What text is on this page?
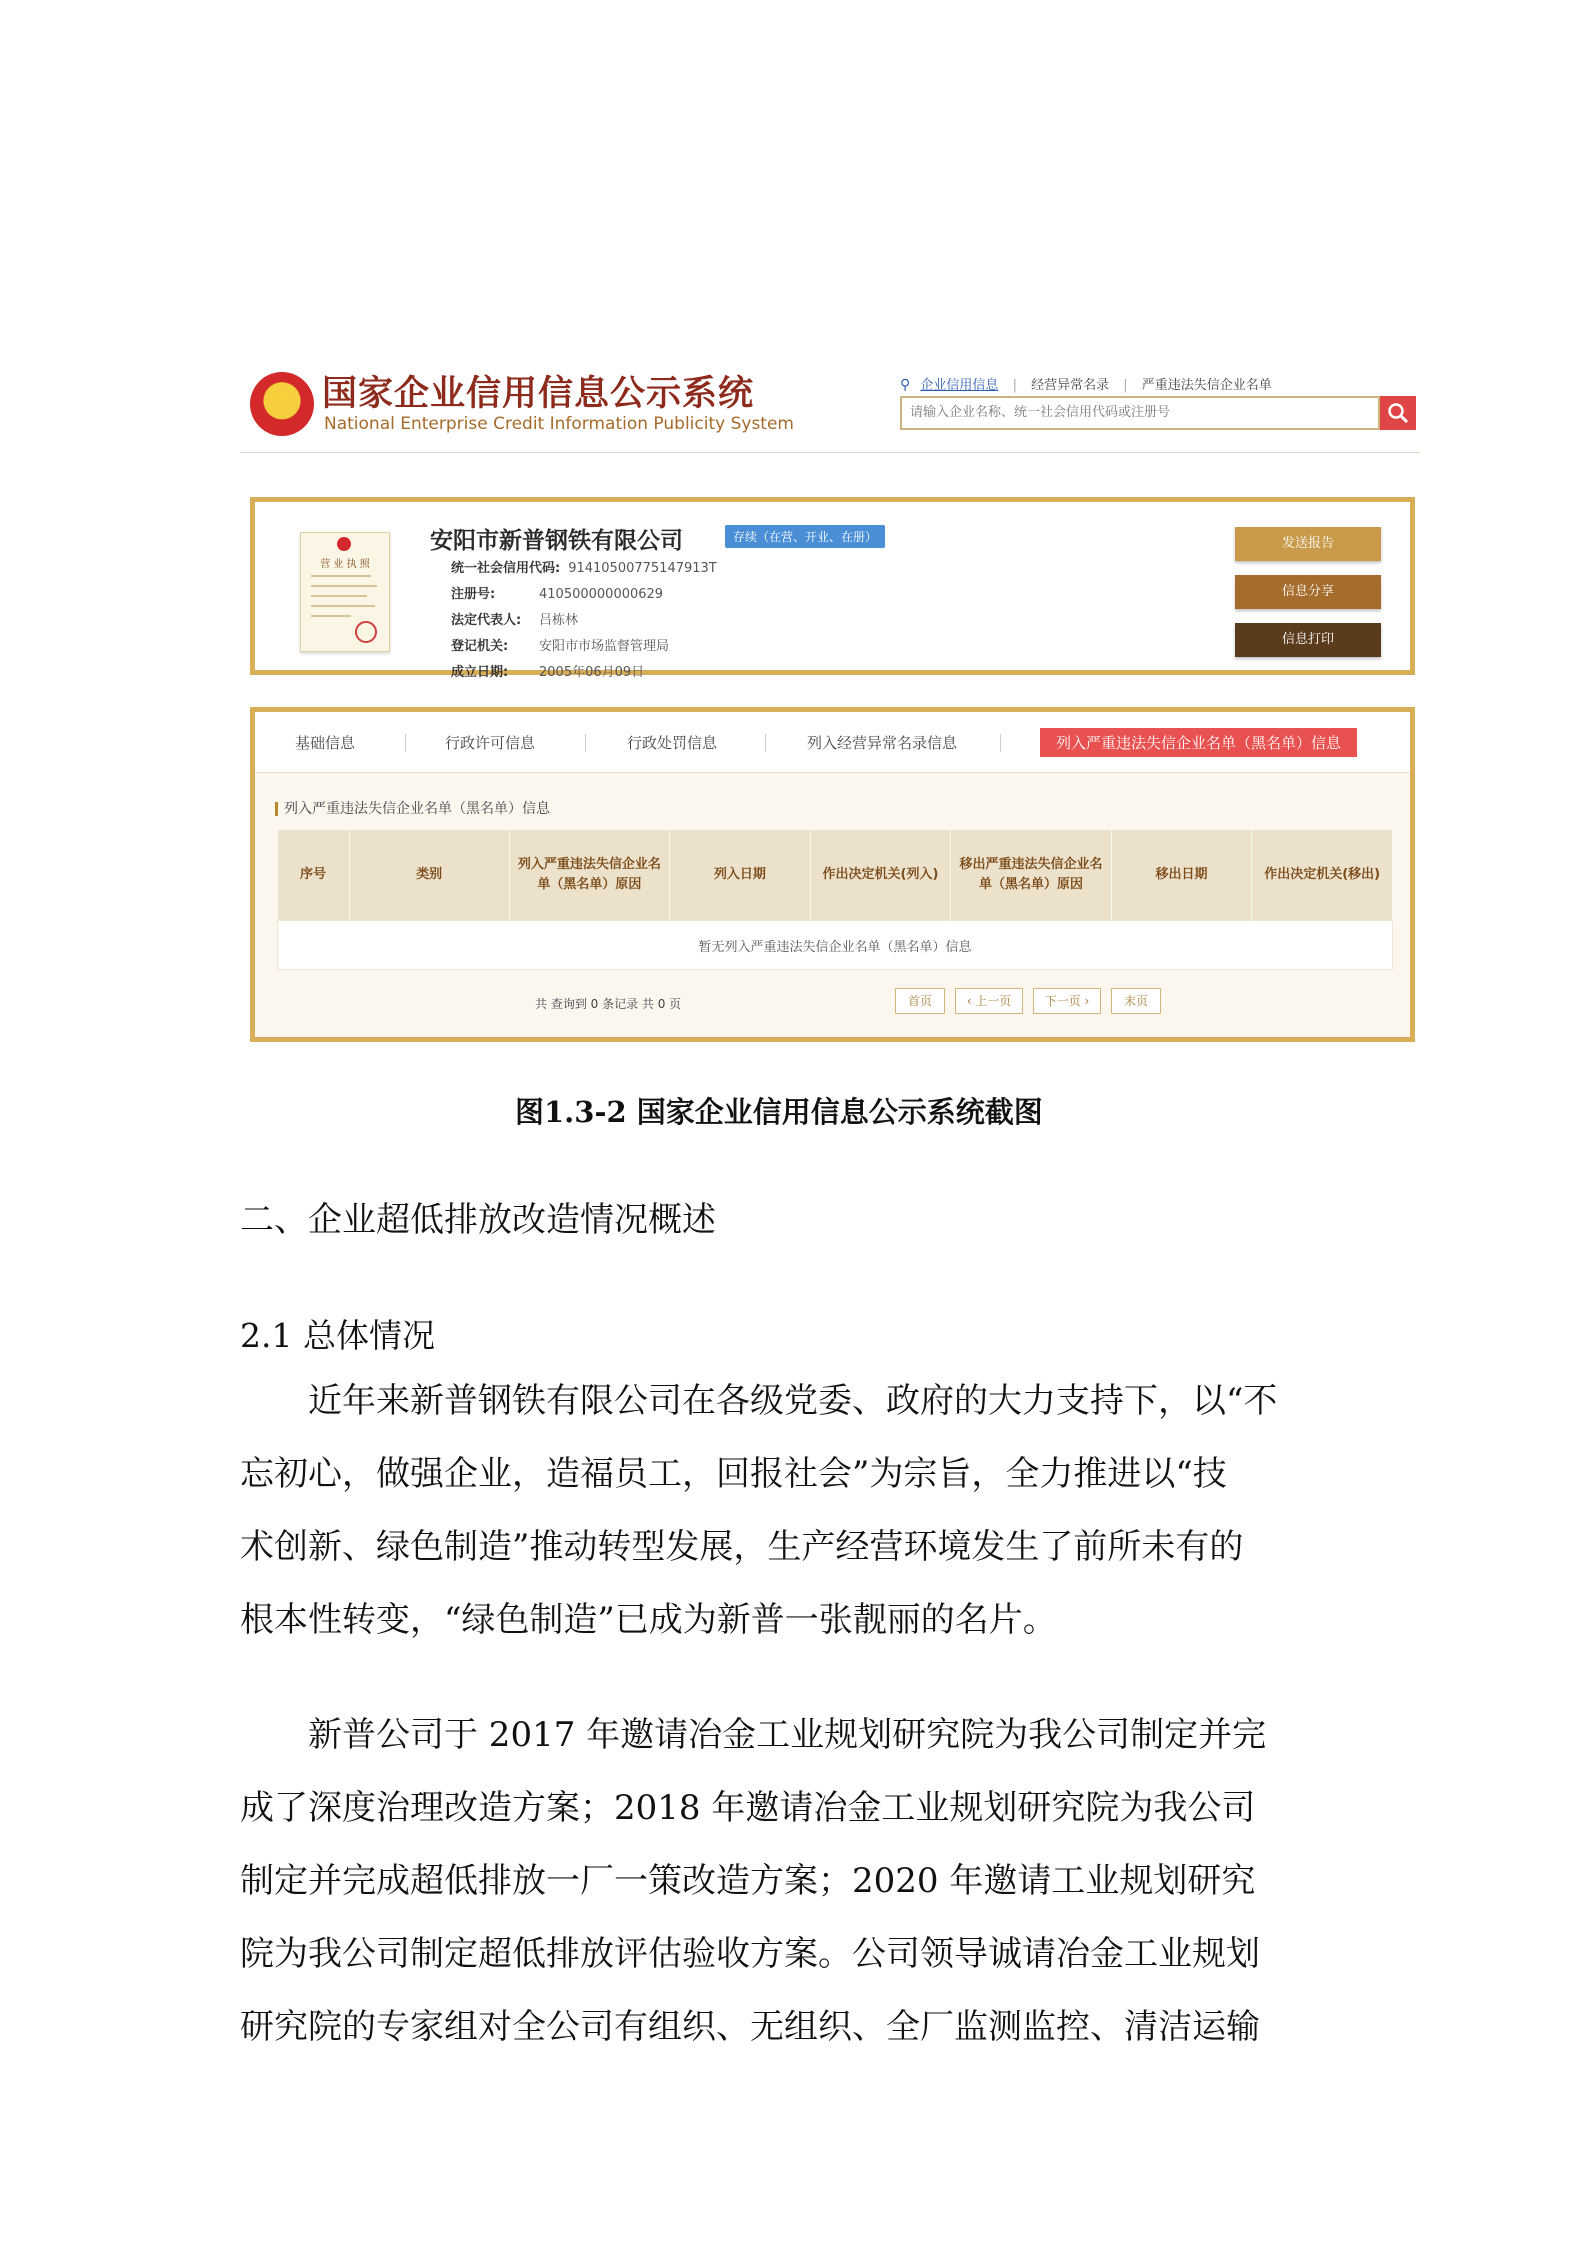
★ 国家企业信用信息公示系统
National Enterprise Credit Information Publicity System
⚲ 企业信用信息 | 经营异常名录 | 严重违法失信企业名单
请输入企业名称、统一社会信用代码或注册号
营 业 执 照
安阳市新普钢铁有限公司	存续（在营、开业、在册）
统一社会信用代码: 91410500775147913T
注册号:	410500000000629
法定代表人: 吕栋林
登记机关: 安阳市市场监督管理局
成立日期: 2005年06月09日
发送报告
信息分享
信息打印
基础信息	行政许可信息	行政处罚信息	列入经营异常名录信息	列入严重违法失信企业名单（黑名单）信息
列入严重违法失信企业名单（黑名单）信息
序号	类别	列入严重违法失信企业名单（黑名单）原因	列入日期	作出决定机关(列入)	移出严重违法失信企业名单（黑名单）原因	移出日期	作出决定机关(移出)
暂无列入严重违法失信企业名单（黑名单）信息
共 查询到 0 条记录 共 0 页	首页	‹ 上一页	下一页 ›	末页
图1.3-2 国家企业信用信息公示系统截图
二、企业超低排放改造情况概述
2.1 总体情况
　　近年来新普钢铁有限公司在各级党委、政府的大力支持下，以“不
忘初心，做强企业，造福员工，回报社会”为宗旨，全力推进以“技
术创新、绿色制造”推动转型发展，生产经营环境发生了前所未有的
根本性转变，“绿色制造”已成为新普一张靓丽的名片。
　　新普公司于 2017 年邀请冶金工业规划研究院为我公司制定并完
成了深度治理改造方案；2018 年邀请冶金工业规划研究院为我公司
制定并完成超低排放一厂一策改造方案；2020 年邀请工业规划研究
院为我公司制定超低排放评估验收方案。公司领导诚请冶金工业规划
研究院的专家组对全公司有组织、无组织、全厂监测监控、清洁运输
